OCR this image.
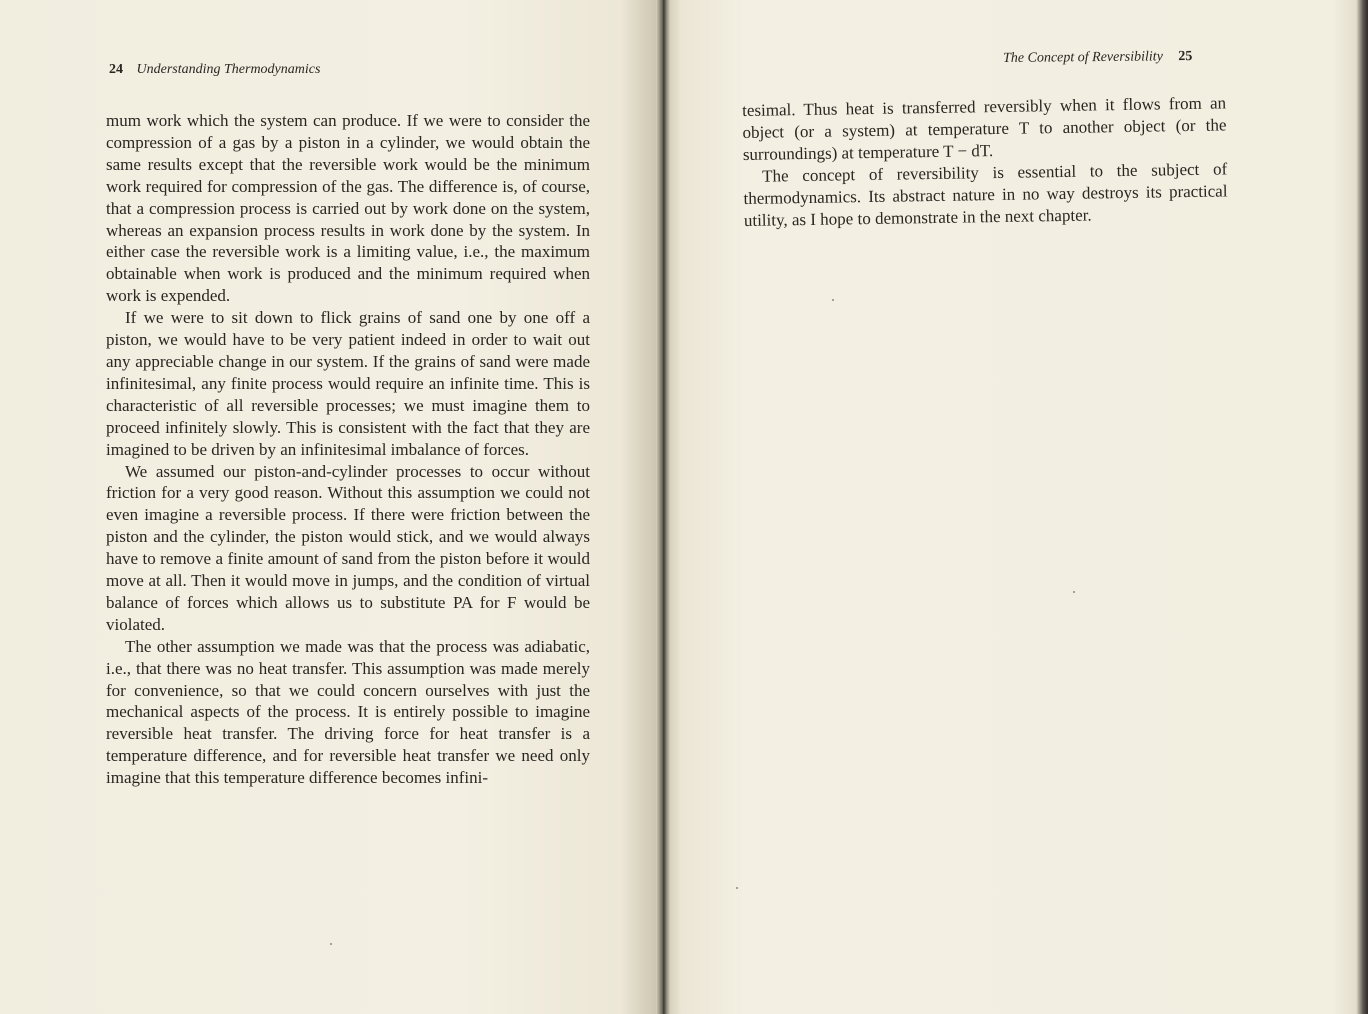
24 Understanding Thermodynamics
The Concept of Reversibility 25

mum work which the system can produce. If we were to consider the compression of a gas by a piston in a cylinder, we would obtain the same results except that the reversible work would be the minimum work required for compression of the gas. The difference is, of course, that a compression process is carried out by work done on the system, whereas an expansion process results in work done by the system. In either case the reversible work is a limiting value, i.e., the maximum obtainable when work is produced and the minimum required when work is expended.

If we were to sit down to flick grains of sand one by one off a piston, we would have to be very patient indeed in order to wait out any appreciable change in our system. If the grains of sand were made infinitesimal, any finite process would require an infinite time. This is characteristic of all reversible processes; we must imagine them to proceed infinitely slowly. This is consistent with the fact that they are imagined to be driven by an infinitesimal imbalance of forces.

We assumed our piston-and-cylinder processes to occur without friction for a very good reason. Without this assumption we could not even imagine a reversible process. If there were friction between the piston and the cylinder, the piston would stick, and we would always have to remove a finite amount of sand from the piston before it would move at all. Then it would move in jumps, and the condition of virtual balance of forces which allows us to substitute PA for F would be violated.

The other assumption we made was that the process was adiabatic, i.e., that there was no heat transfer. This assumption was made merely for convenience, so that we could concern ourselves with just the mechanical aspects of the process. It is entirely possible to imagine reversible heat transfer. The driving force for heat transfer is a temperature difference, and for reversible heat transfer we need only imagine that this temperature difference becomes infini-

tesimal. Thus heat is transferred reversibly when it flows from an object (or a system) at temperature T to another object (or the surroundings) at temperature T − dT.

The concept of reversibility is essential to the subject of thermodynamics. Its abstract nature in no way destroys its practical utility, as I hope to demonstrate in the next chapter.
